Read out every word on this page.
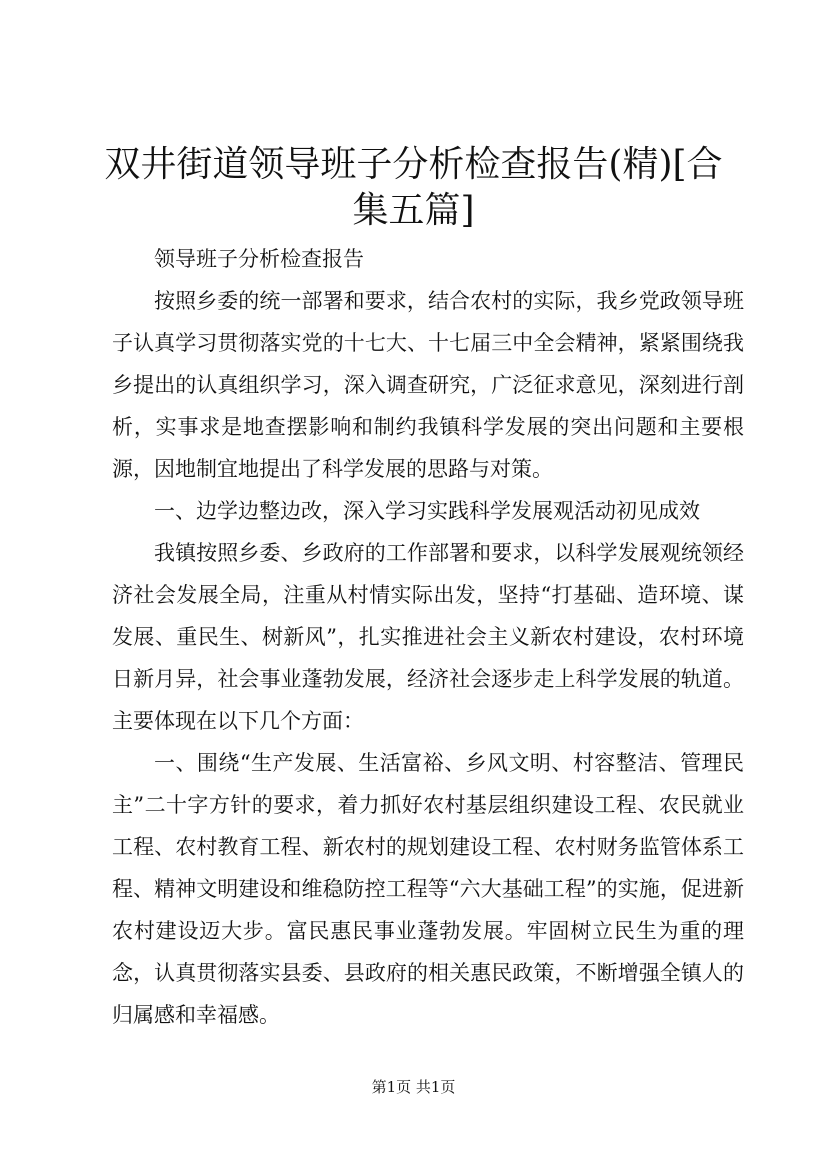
双井街道领导班子分析检查报告(精)[合集五篇]

领导班子分析检查报告

按照乡委的统一部署和要求，结合农村的实际，我乡党政领导班子认真学习贯彻落实党的十七大、十七届三中全会精神，紧紧围绕我乡提出的认真组织学习，深入调查研究，广泛征求意见，深刻进行剖析，实事求是地查摆影响和制约我镇科学发展的突出问题和主要根源，因地制宜地提出了科学发展的思路与对策。

一、边学边整边改，深入学习实践科学发展观活动初见成效

我镇按照乡委、乡政府的工作部署和要求，以科学发展观统领经济社会发展全局，注重从村情实际出发，坚持“打基础、造环境、谋发展、重民生、树新风”，扎实推进社会主义新农村建设，农村环境日新月异，社会事业蓬勃发展，经济社会逐步走上科学发展的轨道。主要体现在以下几个方面：

一、围绕“生产发展、生活富裕、乡风文明、村容整洁、管理民主”二十字方针的要求，着力抓好农村基层组织建设工程、农民就业工程、农村教育工程、新农村的规划建设工程、农村财务监管体系工程、精神文明建设和维稳防控工程等“六大基础工程”的实施，促进新农村建设迈大步。富民惠民事业蓬勃发展。牢固树立民生为重的理念，认真贯彻落实县委、县政府的相关惠民政策，不断增强全镇人的归属感和幸福感。

第1页 共1页
